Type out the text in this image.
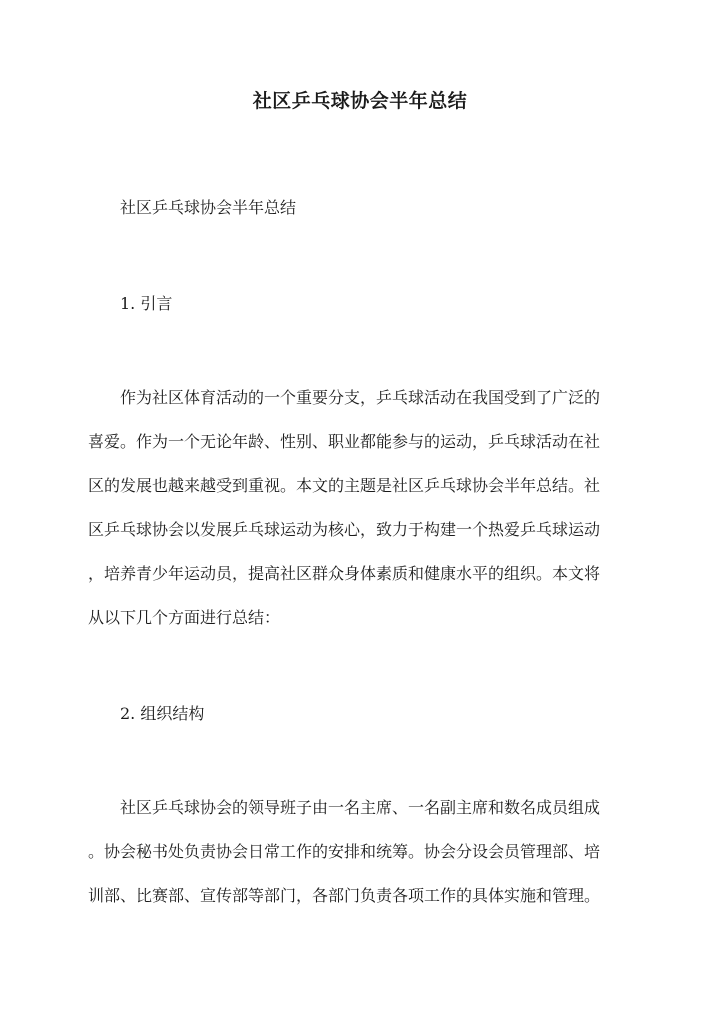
社区乒乓球协会半年总结

社区乒乓球协会半年总结

1. 引言

作为社区体育活动的一个重要分支，乒乓球活动在我国受到了广泛的

喜爱。作为一个无论年龄、性别、职业都能参与的运动，乒乓球活动在社

区的发展也越来越受到重视。本文的主题是社区乒乓球协会半年总结。社

区乒乓球协会以发展乒乓球运动为核心，致力于构建一个热爱乒乓球运动

，培养青少年运动员，提高社区群众身体素质和健康水平的组织。本文将

从以下几个方面进行总结：

2. 组织结构

社区乒乓球协会的领导班子由一名主席、一名副主席和数名成员组成

。协会秘书处负责协会日常工作的安排和统筹。协会分设会员管理部、培

训部、比赛部、宣传部等部门，各部门负责各项工作的具体实施和管理。
